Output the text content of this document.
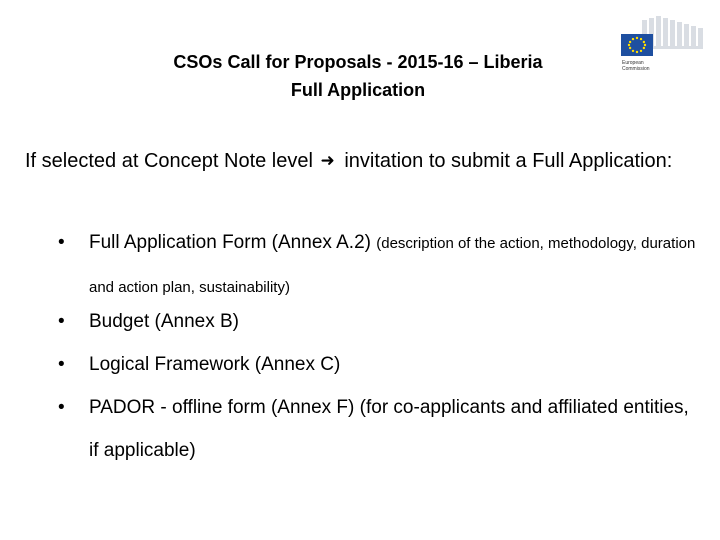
CSOs Call for Proposals - 2015-16 – Liberia
Full Application
European
Commission
If selected at Concept Note level ➜ invitation to submit a Full Application:
•	Full Application Form (Annex A.2) (description of the action, methodology, duration and action plan, sustainability)
•	Budget (Annex B)
•	Logical Framework (Annex C)
•	PADOR - offline form (Annex F) (for co-applicants and affiliated entities, if applicable)
